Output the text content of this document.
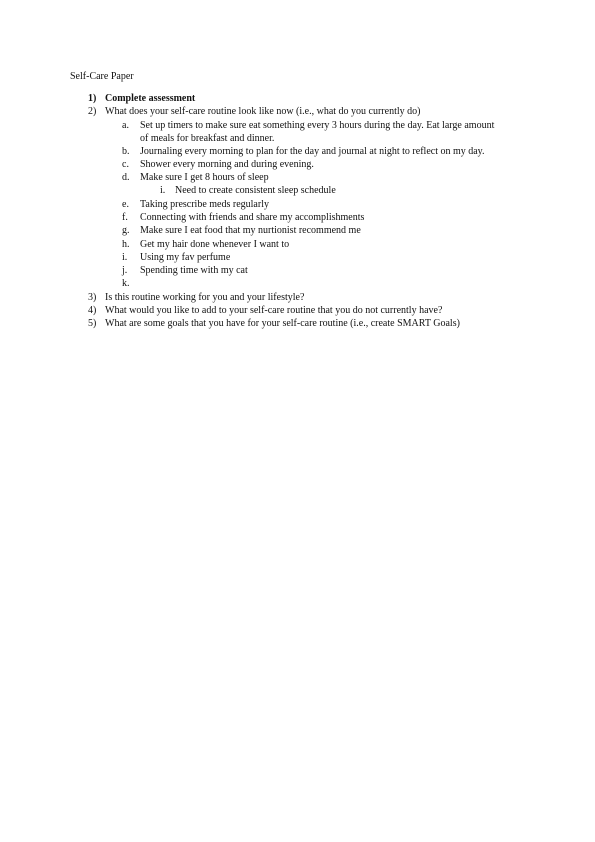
Self-Care Paper
1) Complete assessment
2) What does your self-care routine look like now (i.e., what do you currently do)
a. Set up timers to make sure eat something every 3 hours during the day. Eat large amount
of meals for breakfast and dinner.
b. Journaling every morning to plan for the day and journal at night to reflect on my day.
c. Shower every morning and during evening.
d. Make sure I get 8 hours of sleep
i. Need to create consistent sleep schedule
e. Taking prescribe meds regularly
f. Connecting with friends and share my accomplishments
g. Make sure I eat food that my nurtionist recommend me
h. Get my hair done whenever I want to
i. Using my fav perfume
j. Spending time with my cat
k.
3) Is this routine working for you and your lifestyle?
4) What would you like to add to your self-care routine that you do not currently have?
5) What are some goals that you have for your self-care routine (i.e., create SMART Goals)
